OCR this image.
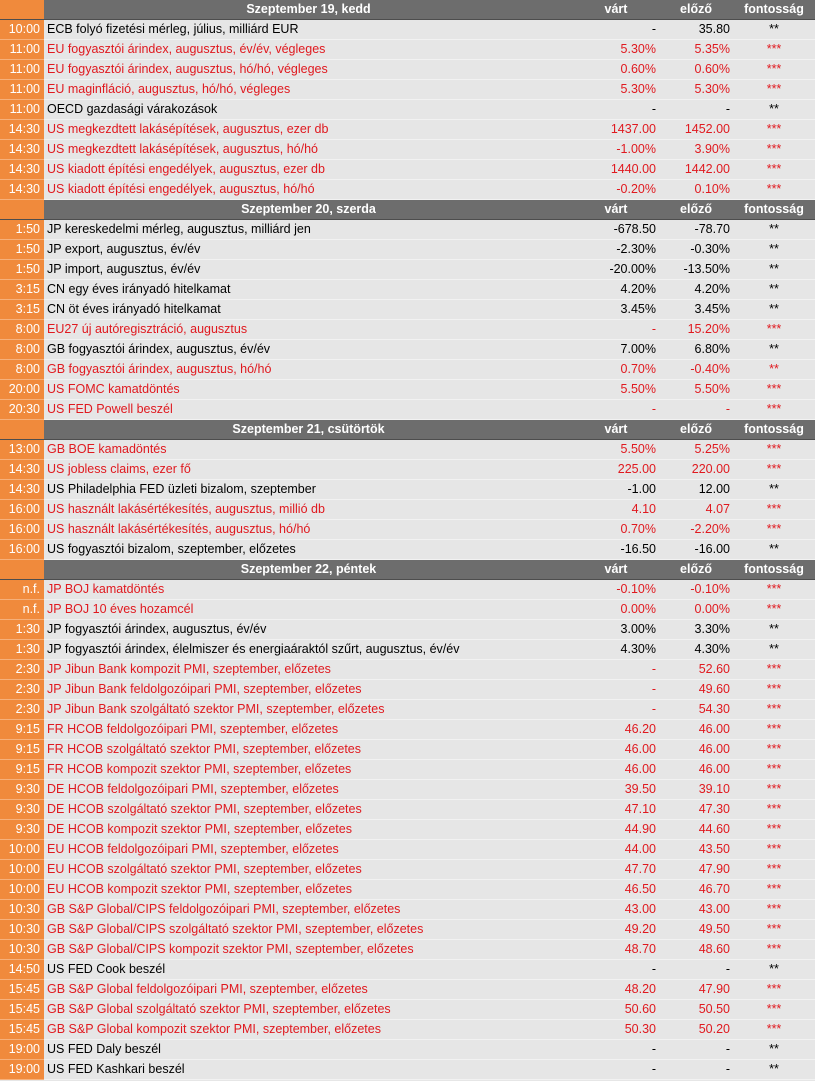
	Szeptember 19, kedd	várt	előző	fontosság
10:00	ECB folyó fizetési mérleg, július, milliárd EUR	-	35.80	**
11:00	EU fogyasztói árindex, augusztus, év/év, végleges	5.30%	5.35%	***
11:00	EU fogyasztói árindex, augusztus, hó/hó, végleges	0.60%	0.60%	***
11:00	EU maginfláció, augusztus, hó/hó, végleges	5.30%	5.30%	***
11:00	OECD gazdasági várakozások	-	-	**
14:30	US megkezdtett lakásépítések, augusztus, ezer db	1437.00	1452.00	***
14:30	US megkezdtett lakásépítések, augusztus, hó/hó	-1.00%	3.90%	***
14:30	US kiadott építési engedélyek, augusztus, ezer db	1440.00	1442.00	***
14:30	US kiadott építési engedélyek, augusztus, hó/hó	-0.20%	0.10%	***
	Szeptember 20, szerda	várt	előző	fontosság
1:50	JP kereskedelmi mérleg, augusztus, milliárd jen	-678.50	-78.70	**
1:50	JP export, augusztus, év/év	-2.30%	-0.30%	**
1:50	JP import, augusztus, év/év	-20.00%	-13.50%	**
3:15	CN egy éves irányadó hitelkamat	4.20%	4.20%	**
3:15	CN öt éves irányadó hitelkamat	3.45%	3.45%	**
8:00	EU27 új autóregisztráció, augusztus	-	15.20%	***
8:00	GB fogyasztói árindex, augusztus, év/év	7.00%	6.80%	**
8:00	GB fogyasztói árindex, augusztus, hó/hó	0.70%	-0.40%	**
20:00	US FOMC kamatdöntés	5.50%	5.50%	***
20:30	US FED Powell beszél	-	-	***
	Szeptember 21, csütörtök	várt	előző	fontosság
13:00	GB BOE kamadöntés	5.50%	5.25%	***
14:30	US jobless claims, ezer fő	225.00	220.00	***
14:30	US Philadelphia FED üzleti bizalom, szeptember	-1.00	12.00	**
16:00	US használt lakásértékesítés, augusztus, millió db	4.10	4.07	***
16:00	US használt lakásértékesítés, augusztus, hó/hó	0.70%	-2.20%	***
16:00	US fogyasztói bizalom, szeptember, előzetes	-16.50	-16.00	**
	Szeptember 22, péntek	várt	előző	fontosság
n.f.	JP BOJ kamatdöntés	-0.10%	-0.10%	***
n.f.	JP BOJ 10 éves hozamcél	0.00%	0.00%	***
1:30	JP fogyasztói árindex, augusztus, év/év	3.00%	3.30%	**
1:30	JP fogyasztói árindex, élelmiszer és energiaáraktól szűrt, augusztus, év/év	4.30%	4.30%	**
2:30	JP Jibun Bank kompozit PMI, szeptember, előzetes	-	52.60	***
2:30	JP Jibun Bank feldolgozóipari PMI, szeptember, előzetes	-	49.60	***
2:30	JP Jibun Bank szolgáltató szektor PMI, szeptember, előzetes	-	54.30	***
9:15	FR HCOB feldolgozóipari PMI, szeptember, előzetes	46.20	46.00	***
9:15	FR HCOB szolgáltató szektor PMI, szeptember, előzetes	46.00	46.00	***
9:15	FR HCOB kompozit szektor PMI, szeptember, előzetes	46.00	46.00	***
9:30	DE HCOB feldolgozóipari PMI, szeptember, előzetes	39.50	39.10	***
9:30	DE HCOB szolgáltató szektor PMI, szeptember, előzetes	47.10	47.30	***
9:30	DE HCOB kompozit szektor PMI, szeptember, előzetes	44.90	44.60	***
10:00	EU HCOB feldolgozóipari PMI, szeptember, előzetes	44.00	43.50	***
10:00	EU HCOB szolgáltató szektor PMI, szeptember, előzetes	47.70	47.90	***
10:00	EU HCOB kompozit szektor PMI, szeptember, előzetes	46.50	46.70	***
10:30	GB S&P Global/CIPS feldolgozóipari PMI, szeptember, előzetes	43.00	43.00	***
10:30	GB S&P Global/CIPS szolgáltató szektor PMI, szeptember, előzetes	49.20	49.50	***
10:30	GB S&P Global/CIPS kompozit szektor PMI, szeptember, előzetes	48.70	48.60	***
14:50	US FED Cook beszél	-	-	**
15:45	GB S&P Global feldolgozóipari PMI, szeptember, előzetes	48.20	47.90	***
15:45	GB S&P Global szolgáltató szektor PMI, szeptember, előzetes	50.60	50.50	***
15:45	GB S&P Global kompozit szektor PMI, szeptember, előzetes	50.30	50.20	***
19:00	US FED Daly beszél	-	-	**
19:00	US FED Kashkari beszél	-	-	**
